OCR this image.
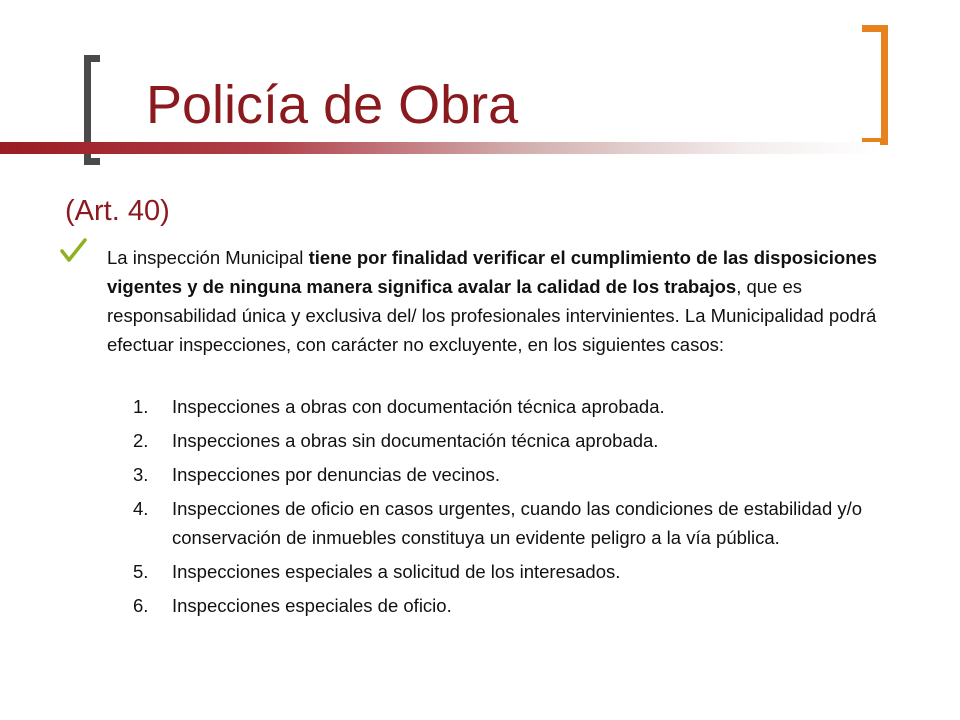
Policía de Obra
(Art. 40)

La inspección Municipal tiene por finalidad verificar el cumplimiento de las disposiciones vigentes y de ninguna manera significa avalar la calidad de los trabajos, que es responsabilidad única y exclusiva del/ los profesionales intervinientes. La Municipalidad podrá efectuar inspecciones, con carácter no excluyente, en los siguientes casos:

1.	Inspecciones a obras con documentación técnica aprobada.
2.	Inspecciones a obras sin documentación técnica aprobada.
3.	Inspecciones por denuncias de vecinos.
4.	Inspecciones de oficio en casos urgentes, cuando las condiciones de estabilidad y/o conservación de inmuebles constituya un evidente peligro a la vía pública.
5.	Inspecciones especiales a solicitud de los interesados.
6.	Inspecciones especiales de oficio.
